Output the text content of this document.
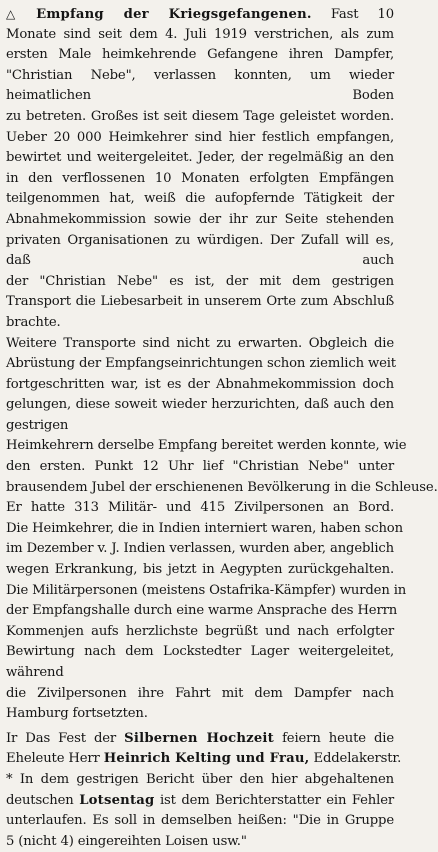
△ Empfang der Kriegsgefangenen. Fast 10
Monate sind seit dem 4. Juli 1919 verstrichen, als zum
ersten Male heimkehrende Gefangene ihren Dampfer, "Christian Nebe", verlassen konnten, um wieder heimatlichen Boden
zu betreten. Großes ist seit diesem Tage geleistet worden.
Ueber 20 000 Heimkehrer sind hier festlich empfangen, bewirtet und weitergeleitet. Jeder, der regelmäßig an den
in den verflossenen 10 Monaten erfolgten Empfängen teilgenommen hat, weiß die aufopfernde Tätigkeit der Abnahmekommission sowie der ihr zur Seite stehenden privaten Organisationen zu würdigen. Der Zufall will es, daß auch
der "Christian Nebe" es ist, der mit dem gestrigen Transport die Liebesarbeit in unserem Orte zum Abschluß brachte.
Weitere Transporte sind nicht zu erwarten. Obgleich die
Abrüstung der Empfangseinrichtungen schon ziemlich weit
fortgeschritten war, ist es der Abnahmekommission doch gelungen, diese soweit wieder herzurichten, daß auch den gestrigen
Heimkehrern derselbe Empfang bereitet werden konnte, wie
den ersten. Punkt 12 Uhr lief "Christian Nebe" unter
brausendem Jubel der erschienenen Bevölkerung in die Schleuse.
Er hatte 313 Militär- und 415 Zivilpersonen an Bord.
Die Heimkehrer, die in Indien interniert waren, haben schon
im Dezember v. J. Indien verlassen, wurden aber, angeblich
wegen Erkrankung, bis jetzt in Aegypten zurückgehalten.
Die Militärpersonen (meistens Ostafrika-Kämpfer) wurden in
der Empfangshalle durch eine warme Ansprache des Herrn
Kommenjen aufs herzlichste begrüßt und nach erfolgter Bewirtung nach dem Lockstedter Lager weitergeleitet, während
die Zivilpersonen ihre Fahrt mit dem Dampfer nach Hamburg fortsetzten.
Ir Das Fest der Silbernen Hochzeit feiern heute die
Eheleute Herr Heinrich Kelting und Frau, Eddelakerstr.
* In dem gestrigen Bericht über den hier abgehaltenen
deutschen Lotsentag ist dem Berichterstatter ein Fehler
unterlaufen. Es soll in demselben heißen: "Die in Gruppe
5 (nicht 4) eingereihten Loisen usw."
